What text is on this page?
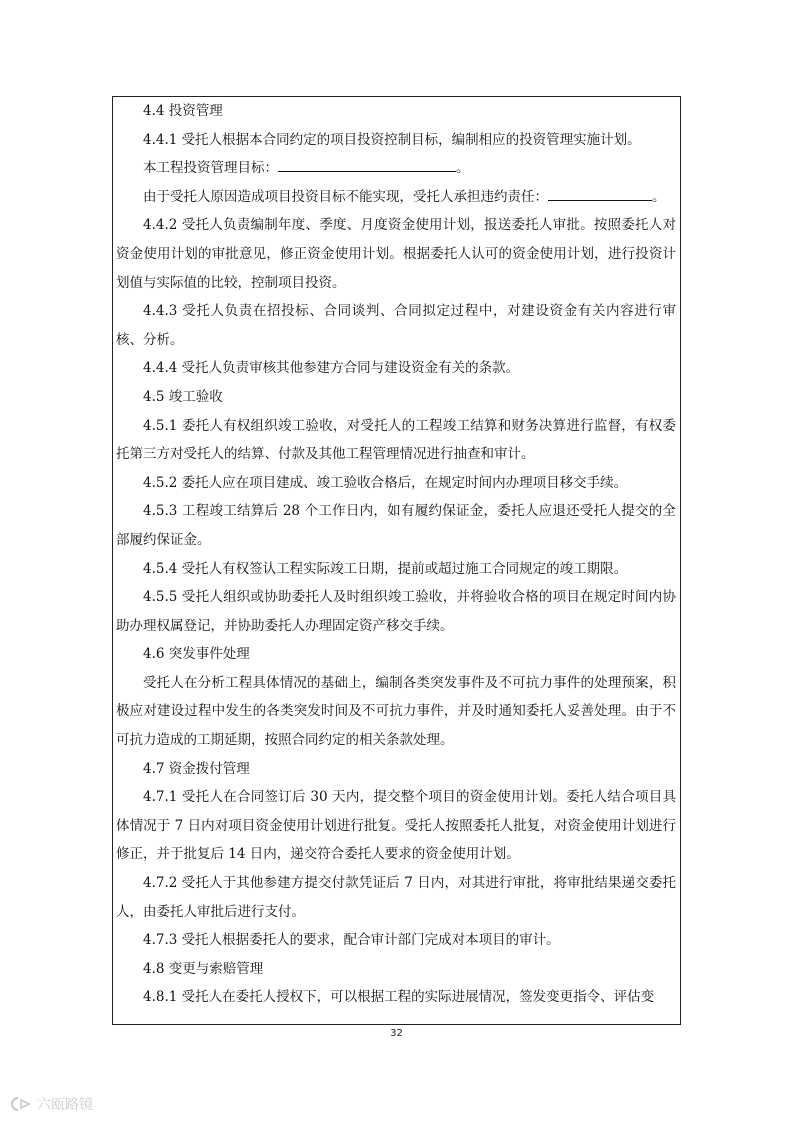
4.4 投资管理

4.4.1 受托人根据本合同约定的项目投资控制目标，编制相应的投资管理实施计划。

本工程投资管理目标：	。

由于受托人原因造成项目投资目标不能实现，受托人承担违约责任：	。

4.4.2 受托人负责编制年度、季度、月度资金使用计划，报送委托人审批。按照委托人对资金使用计划的审批意见，修正资金使用计划。根据委托人认可的资金使用计划，进行投资计划值与实际值的比较，控制项目投资。

4.4.3 受托人负责在招投标、合同谈判、合同拟定过程中，对建设资金有关内容进行审核、分析。

4.4.4 受托人负责审核其他参建方合同与建设资金有关的条款。

4.5 竣工验收

4.5.1 委托人有权组织竣工验收，对受托人的工程竣工结算和财务决算进行监督，有权委托第三方对受托人的结算、付款及其他工程管理情况进行抽查和审计。

4.5.2 委托人应在项目建成、竣工验收合格后，在规定时间内办理项目移交手续。

4.5.3 工程竣工结算后 28 个工作日内，如有履约保证金，委托人应退还受托人提交的全部履约保证金。

4.5.4 受托人有权签认工程实际竣工日期，提前或超过施工合同规定的竣工期限。

4.5.5 受托人组织或协助委托人及时组织竣工验收，并将验收合格的项目在规定时间内协助办理权属登记，并协助委托人办理固定资产移交手续。

4.6 突发事件处理

受托人在分析工程具体情况的基础上，编制各类突发事件及不可抗力事件的处理预案，积极应对建设过程中发生的各类突发时间及不可抗力事件，并及时通知委托人妥善处理。由于不可抗力造成的工期延期，按照合同约定的相关条款处理。

4.7 资金拨付管理

4.7.1 受托人在合同签订后 30 天内，提交整个项目的资金使用计划。委托人结合项目具体情况于 7 日内对项目资金使用计划进行批复。受托人按照委托人批复，对资金使用计划进行修正，并于批复后 14 日内，递交符合委托人要求的资金使用计划。

4.7.2 受托人于其他参建方提交付款凭证后 7 日内，对其进行审批，将审批结果递交委托人，由委托人审批后进行支付。

4.7.3 受托人根据委托人的要求，配合审计部门完成对本项目的审计。

4.8 变更与索赔管理

4.8.1 受托人在委托人授权下，可以根据工程的实际进展情况，签发变更指令、评估变

32
六瓯路镜
